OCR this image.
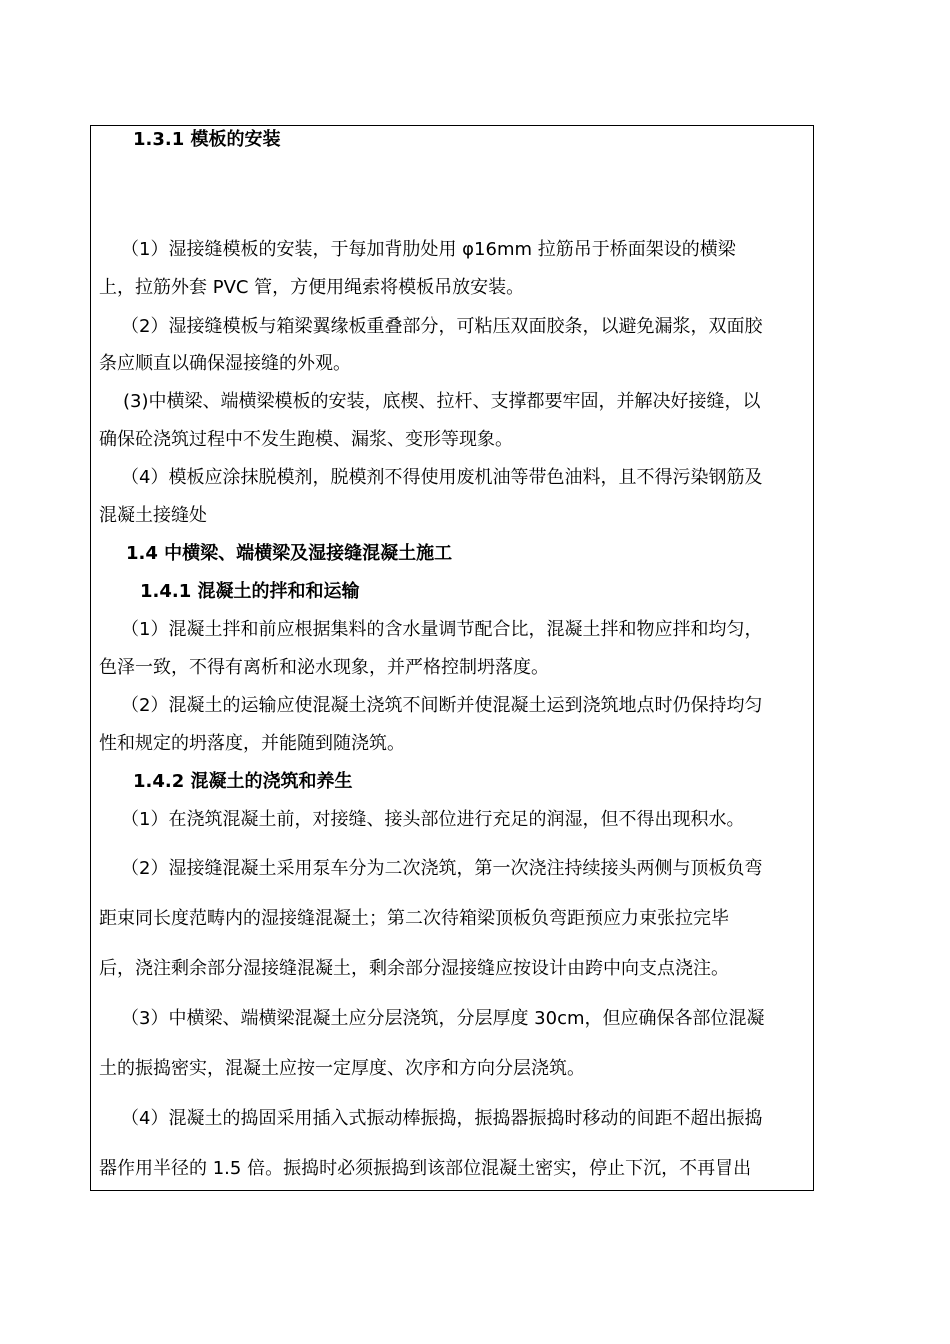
1.3.1 模板的安装
（1）湿接缝模板的安装，于每加背肋处用 φ16mm 拉筋吊于桥面架设的横梁
上，拉筋外套 PVC 管，方便用绳索将模板吊放安装。
（2）湿接缝模板与箱梁翼缘板重叠部分，可粘压双面胶条，以避免漏浆，双面胶
条应顺直以确保湿接缝的外观。
(3)中横梁、端横梁模板的安装，底楔、拉杆、支撑都要牢固，并解决好接缝，以
确保砼浇筑过程中不发生跑模、漏浆、变形等现象。
（4）模板应涂抹脱模剂，脱模剂不得使用废机油等带色油料，且不得污染钢筋及
混凝土接缝处
1.4 中横梁、端横梁及湿接缝混凝土施工
1.4.1 混凝土的拌和和运输
（1）混凝土拌和前应根据集料的含水量调节配合比，混凝土拌和物应拌和均匀，
色泽一致，不得有离析和泌水现象，并严格控制坍落度。
（2）混凝土的运输应使混凝土浇筑不间断并使混凝土运到浇筑地点时仍保持均匀
性和规定的坍落度，并能随到随浇筑。
1.4.2 混凝土的浇筑和养生
（1）在浇筑混凝土前，对接缝、接头部位进行充足的润湿，但不得出现积水。
（2）湿接缝混凝土采用泵车分为二次浇筑，第一次浇注持续接头两侧与顶板负弯
距束同长度范畴内的湿接缝混凝土；第二次待箱梁顶板负弯距预应力束张拉完毕
后，浇注剩余部分湿接缝混凝土，剩余部分湿接缝应按设计由跨中向支点浇注。
（3）中横梁、端横梁混凝土应分层浇筑，分层厚度 30cm，但应确保各部位混凝
土的振捣密实，混凝土应按一定厚度、次序和方向分层浇筑。
（4）混凝土的捣固采用插入式振动棒振捣，振捣器振捣时移动的间距不超出振捣
器作用半径的 1.5 倍。振捣时必须振捣到该部位混凝土密实，停止下沉，不再冒出
